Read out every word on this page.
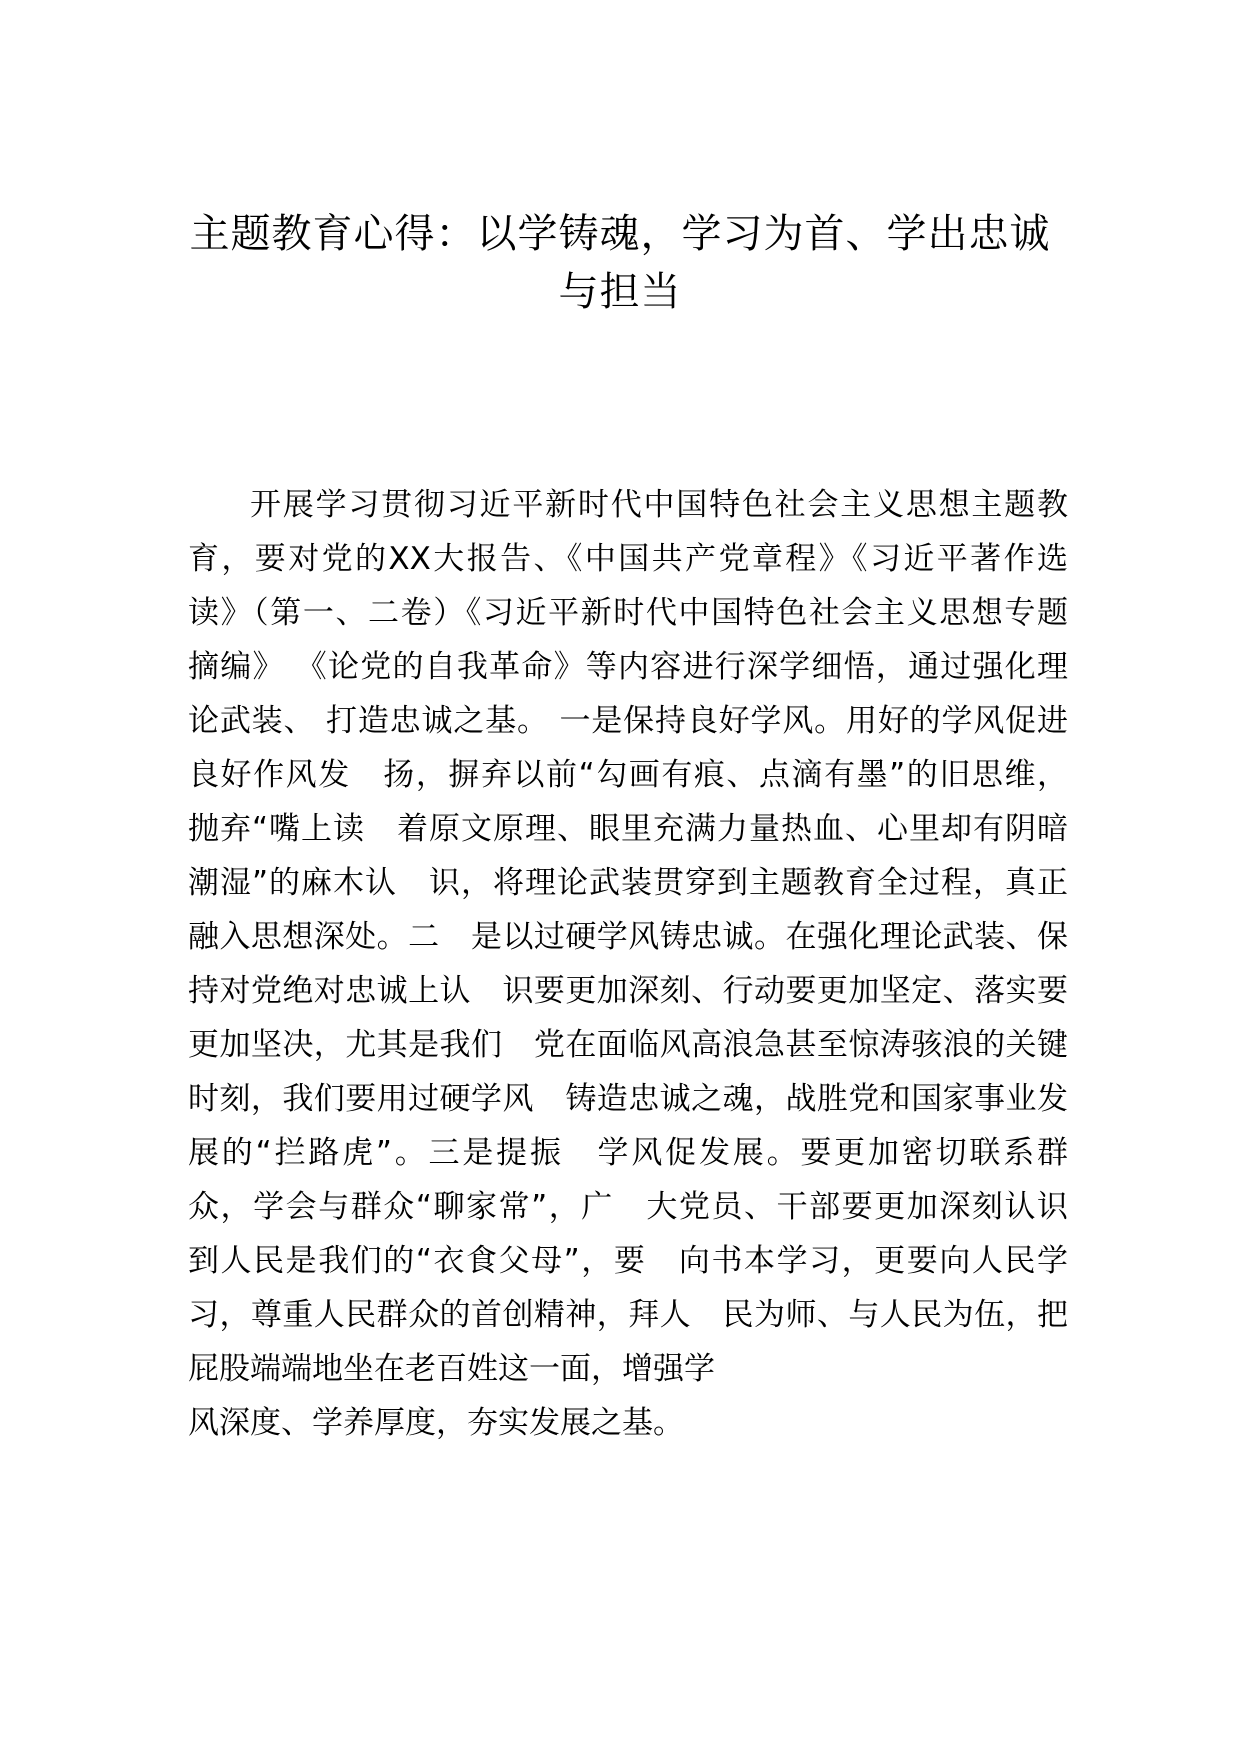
主题教育心得：以学铸魂，学习为首、学出忠诚
与担当
开展学习贯彻习近平新时代中国特色社会主义思想主题教
育，要对党的XX大报告、《中国共产党章程》《习近平著作选
读》（第一、二卷）《习近平新时代中国特色社会主义思想专题
摘编》 《论党的自我革命》等内容进行深学细悟，通过强化理
论武装、 打造忠诚之基。 一是保持良好学风。用好的学风促进
良好作风发　扬，摒弃以前“勾画有痕、点滴有墨”的旧思维，
抛弃“嘴上读　着原文原理、眼里充满力量热血、心里却有阴暗
潮湿”的麻木认　识，将理论武装贯穿到主题教育全过程，真正
融入思想深处。二　是以过硬学风铸忠诚。在强化理论武装、保
持对党绝对忠诚上认　识要更加深刻、行动要更加坚定、落实要
更加坚决，尤其是我们　党在面临风高浪急甚至惊涛骇浪的关键
时刻，我们要用过硬学风　铸造忠诚之魂，战胜党和国家事业发
展的“拦路虎”。三是提振　学风促发展。要更加密切联系群
众，学会与群众“聊家常”，广　大党员、干部要更加深刻认识
到人民是我们的“衣食父母”，要　向书本学习，更要向人民学
习，尊重人民群众的首创精神，拜人　民为师、与人民为伍，把
屁股端端地坐在老百姓这一面，增强学
风深度、学养厚度，夯实发展之基。
